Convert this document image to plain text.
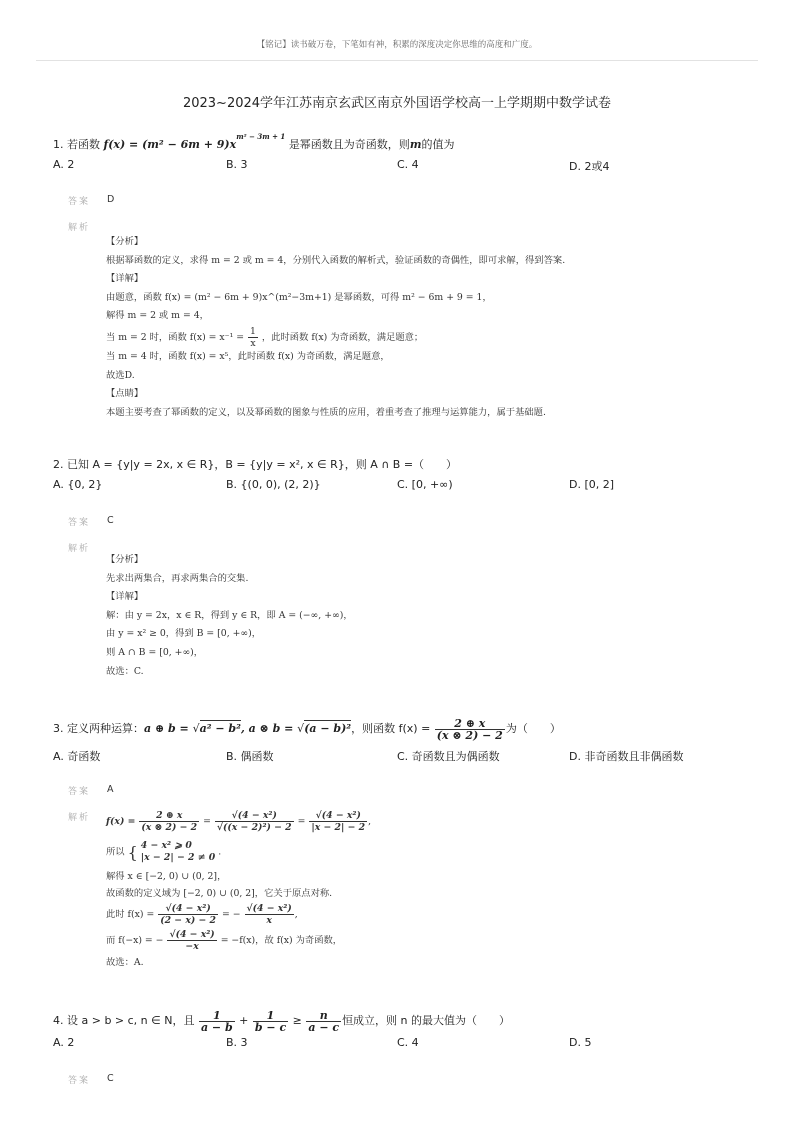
【铭记】读书破万卷，下笔如有神，积累的深度决定你思维的高度和广度。
2023~2024学年江苏南京玄武区南京外国语学校高一上学期期中数学试卷
1. 若函数 $f(x) = (m^2 - 6m + 9)x^{m^2 - 3m + 1}$ 是幂函数且为奇函数，则m的值为
A. 2	B. 3	C. 4	D. 2或4
答案 D
解析
【分析】
根据幂函数的定义，求得 m = 2 或 m = 4，分别代入函数的解析式，验证函数的奇偶性，即可求解，得到答案.
【详解】
由题意，函数 f(x) = (m² − 6m + 9)x^(m²−3m+1) 是幂函数，可得 m² − 6m + 9 = 1，
解得 m = 2 或 m = 4，
当 m = 2 时，函数 $f(x) = x^{-1} = \frac{1}{x}$ ，此时函数 f(x) 为奇函数，满足题意；
当 m = 4 时，函数 f(x) = x⁵，此时函数 f(x) 为奇函数，满足题意，
故选D.
【点睛】
本题主要考查了幂函数的定义，以及幂函数的图象与性质的应用，着重考查了推理与运算能力，属于基础题.
2. 已知 A = {y|y = 2x, x ∈ R}，B = {y|y = x², x ∈ R}，则 A ∩ B =（　　）
A. {0, 2}	B. {(0, 0), (2, 2)}	C. [0, +∞)	D. [0, 2]
答案 C
解析
【分析】
先求出两集合，再求两集合的交集.
【详解】
解：由 y = 2x，x ∈ R，得到 y ∈ R，即 A = (−∞, +∞)，
由 y = x² ≥ 0，得到 B = [0, +∞)，
则 A ∩ B = [0, +∞)，
故选：C.
3. 定义两种运算：a ⊕ b = √a² − b², a ⊗ b = √(a − b)²，则函数 $f(x) = \frac{2 \oplus x}{(x \otimes 2) - 2}$ 为（　　）
A. 奇函数	B. 偶函数	C. 奇函数且为偶函数	D. 非奇函数且非偶函数
答案 A
解析 $f(x) = \frac{2 \oplus x}{(x \otimes 2) - 2} = \frac{\text{√(4 − x²)}}{\text{√((x − 2)²) − 2}} = \frac{\text{√(4 − x²)}}{|x - 2| - 2}$ ,
所以 { 4 − x² ⩾ 0
|x − 2| − 2 ≠ 0 .
解得 x ∈ [−2, 0) ∪ (0, 2]，
故函数的定义域为 [−2, 0) ∪ (0, 2]，它关于原点对称.
此时 $f(x) = \frac{\text{√(4 − x²)}}{(2 - x) - 2}$ = − $\frac{\text{√(4 − x²)}}{x}$ ,
而 f(−x) = − $\frac{\text{√(4 − x²)}}{-x} = -f(x)$，故 f(x) 为奇函数，
故选：A.
4. 设 a > b > c, n ∈ N，且 $\frac{1}{a - b} + \frac{1}{b - c} \ge \frac{n}{a - c}$ 恒成立，则 n 的最大值为（　　）
A. 2	B. 3	C. 4	D. 5
答案 C
